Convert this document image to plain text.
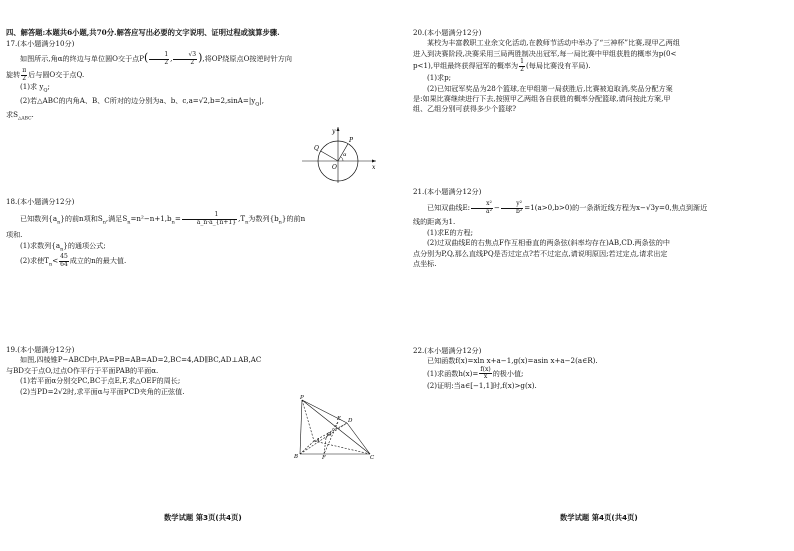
四、解答题:本题共6小题,共70分.解答应写出必要的文字说明、证明过程或演算步骤.
17.(本小题满分10分)
如图所示,角α的终边与单位圆O交于点$P( \frac{1}{2}$ , $\frac{√3}{2}$ ),将OP绕原点O按逆时针方向
旋转 $\frac{\pi}{2}$ 后与圆O交于点Q.
(1)求 $y_Q$;
(2)若△ABC的内角A、B、C所对的边分别为a、b、$c,a=√2,b=2,\sin A=|y_Q|$,
求$S_{\triangle ABC}$.
y
Q
P
O	x
α
18.(本小题满分12分)
已知数列$\{a_n\}$的前n项和$S_n$,满足$S_n=n^2-n+1,b_n= \frac{1}{a\_n\cdot a\_\{n+1\}} ,T_n$为数列$\{b_n\}$的前n
项和.
(1)求数列$\{a_n\}$的通项公式;
(2)求使$T_n< \frac{45}{64}$ 成立的n的最大值.
19.(本小题满分12分)
如图,四棱锥P−ABCD中,PA=PB=AB=AD=2,BC=4,AD∥BC,AD⊥AB,AC
与BD交于点O,过点O作平行于平面PAB的平面α.
(1)若平面α分别交PC,BC于点E,F,求△OEF的周长;
(2)当PD=2√2时,求平面α与平面PCD夹角的正弦值.
P
E D
O
A
B	F	C
数学试题 第3页(共4页)
20.(本小题满分12分)
某校为丰富教职工业余文化活动,在教师节活动中举办了“三神杯”比赛,现甲乙两组
进入到决赛阶段,决赛采用三局两胜制决出冠军,每一局比赛中甲组获胜的概率为p(0<
p<1),甲组最终获得冠军的概率为 $\frac{1}{2}$ (每局比赛没有平局).
(1)求p;
(2)已知冠军奖品为28个篮球,在甲组第一局获胜后,比赛被迫取消,奖品分配方案
是:如果比赛继续进行下去,按照甲乙两组各自获胜的概率分配篮球,请问按此方案,甲
组、乙组分别可获得多少个篮球?
21.(本小题满分12分)
已知双曲线E: $\frac{\text{x²}}{\text{a²}} - \frac{\text{y²}}{\text{b²}} =1(a>0,b>0)$的一条渐近线方程为x−√3y=0,焦点到渐近
线的距离为1.
(1)求E的方程;
(2)过双曲线E的右焦点F作互相垂直的两条弦(斜率均存在)AB,CD.两条弦的中
点分别为P,Q,那么直线PQ是否过定点?若不过定点,请说明原因;若过定点,请求出定
点坐标.
22.(本小题满分12分)
已知函数f(x)=xln x+a−1,g(x)=asin x+a−2(a∈R).
(1)求函数$h(x)= \frac{f(x)}{x}$ 的极小值;
(2)证明:当a∈[−1,1]时,f(x)>g(x).
数学试题 第4页(共4页)
